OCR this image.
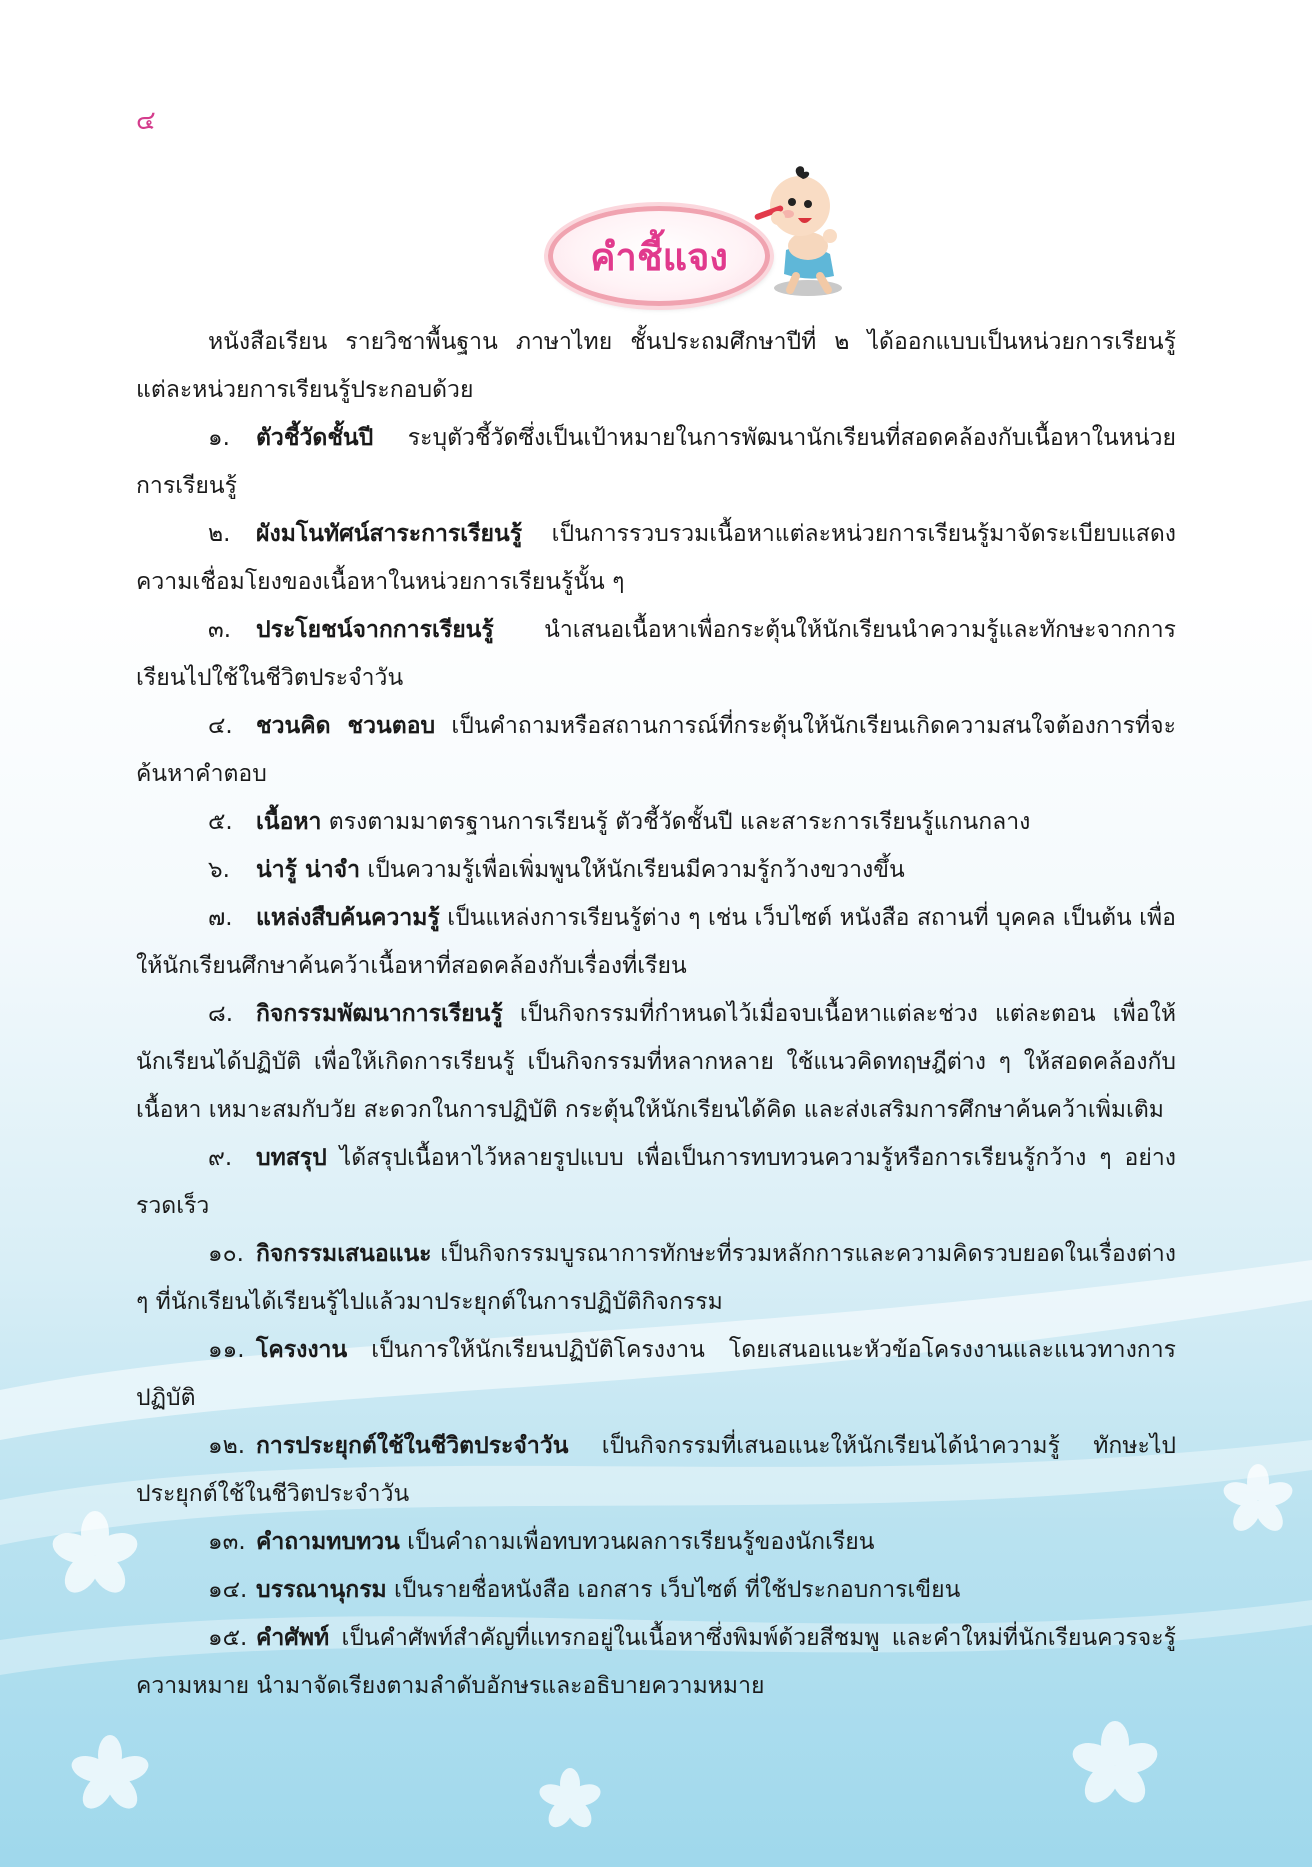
๔
คำชี้แจง

หนังสือเรียน รายวิชาพื้นฐาน ภาษาไทย ชั้นประถมศึกษาปีที่ ๒ ได้ออกแบบเป็นหน่วยการเรียนรู้ แต่ละหน่วยการเรียนรู้ประกอบด้วย

๑. ตัวชี้วัดชั้นปี ระบุตัวชี้วัดซึ่งเป็นเป้าหมายในการพัฒนานักเรียนที่สอดคล้องกับเนื้อหาในหน่วยการเรียนรู้

๒. ผังมโนทัศน์สาระการเรียนรู้ เป็นการรวบรวมเนื้อหาแต่ละหน่วยการเรียนรู้มาจัดระเบียบแสดงความเชื่อมโยงของเนื้อหาในหน่วยการเรียนรู้นั้น ๆ

๓. ประโยชน์จากการเรียนรู้ นำเสนอเนื้อหาเพื่อกระตุ้นให้นักเรียนนำความรู้และทักษะจากการเรียนไปใช้ในชีวิตประจำวัน

๔. ชวนคิด ชวนตอบ เป็นคำถามหรือสถานการณ์ที่กระตุ้นให้นักเรียนเกิดความสนใจต้องการที่จะค้นหาคำตอบ

๕. เนื้อหา ตรงตามมาตรฐานการเรียนรู้ ตัวชี้วัดชั้นปี และสาระการเรียนรู้แกนกลาง

๖. น่ารู้ น่าจำ เป็นความรู้เพื่อเพิ่มพูนให้นักเรียนมีความรู้กว้างขวางขึ้น

๗. แหล่งสืบค้นความรู้ เป็นแหล่งการเรียนรู้ต่าง ๆ เช่น เว็บไซต์ หนังสือ สถานที่ บุคคล เป็นต้น เพื่อให้นักเรียนศึกษาค้นคว้าเนื้อหาที่สอดคล้องกับเรื่องที่เรียน

๘. กิจกรรมพัฒนาการเรียนรู้ เป็นกิจกรรมที่กำหนดไว้เมื่อจบเนื้อหาแต่ละช่วง แต่ละตอน เพื่อให้นักเรียนได้ปฏิบัติ เพื่อให้เกิดการเรียนรู้ เป็นกิจกรรมที่หลากหลาย ใช้แนวคิดทฤษฎีต่าง ๆ ให้สอดคล้องกับเนื้อหา เหมาะสมกับวัย สะดวกในการปฏิบัติ กระตุ้นให้นักเรียนได้คิด และส่งเสริมการศึกษาค้นคว้าเพิ่มเติม

๙. บทสรุป ได้สรุปเนื้อหาไว้หลายรูปแบบ เพื่อเป็นการทบทวนความรู้หรือการเรียนรู้กว้าง ๆ อย่างรวดเร็ว

๑๐. กิจกรรมเสนอแนะ เป็นกิจกรรมบูรณาการทักษะที่รวมหลักการและความคิดรวบยอดในเรื่องต่าง ๆ ที่นักเรียนได้เรียนรู้ไปแล้วมาประยุกต์ในการปฏิบัติกิจกรรม

๑๑. โครงงาน เป็นการให้นักเรียนปฏิบัติโครงงาน โดยเสนอแนะหัวข้อโครงงานและแนวทางการปฏิบัติ

๑๒. การประยุกต์ใช้ในชีวิตประจำวัน เป็นกิจกรรมที่เสนอแนะให้นักเรียนได้นำความรู้ ทักษะไปประยุกต์ใช้ในชีวิตประจำวัน

๑๓. คำถามทบทวน เป็นคำถามเพื่อทบทวนผลการเรียนรู้ของนักเรียน

๑๔. บรรณานุกรม เป็นรายชื่อหนังสือ เอกสาร เว็บไซต์ ที่ใช้ประกอบการเขียน

๑๕. คำศัพท์ เป็นคำศัพท์สำคัญที่แทรกอยู่ในเนื้อหาซึ่งพิมพ์ด้วยสีชมพู และคำใหม่ที่นักเรียนควรจะรู้ความหมาย นำมาจัดเรียงตามลำดับอักษรและอธิบายความหมาย
